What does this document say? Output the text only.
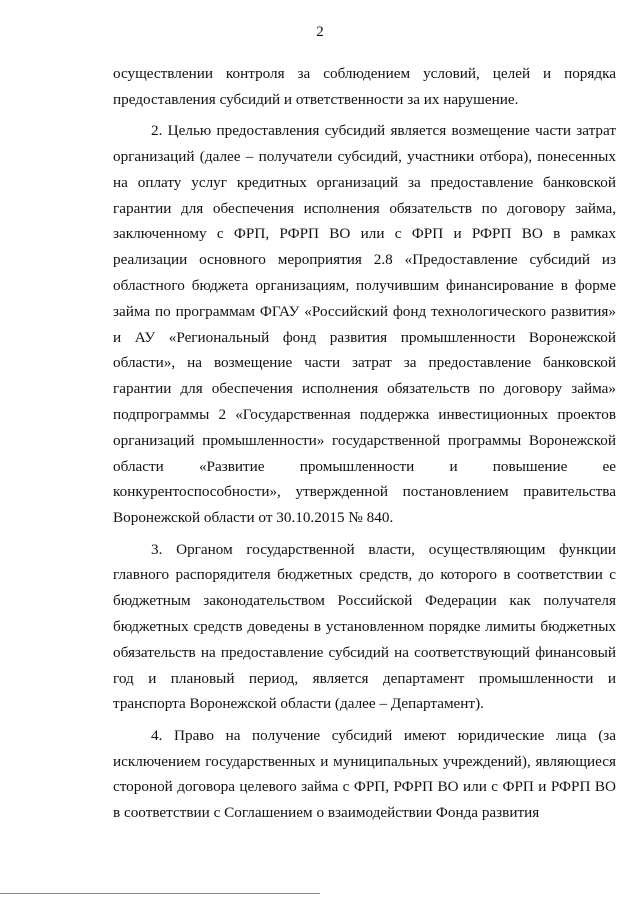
2

осуществлении контроля за соблюдением условий, целей и порядка предоставления субсидий и ответственности за их нарушение.

2. Целью предоставления субсидий является возмещение части затрат организаций (далее – получатели субсидий, участники отбора), понесенных на оплату услуг кредитных организаций за предоставление банковской гарантии для обеспечения исполнения обязательств по договору займа, заключенному с ФРП, РФРП ВО или с ФРП и РФРП ВО в рамках реализации основного мероприятия 2.8 «Предоставление субсидий из областного бюджета организациям, получившим финансирование в форме займа по программам ФГАУ «Российский фонд технологического развития» и АУ «Региональный фонд развития промышленности Воронежской области», на возмещение части затрат за предоставление банковской гарантии для обеспечения исполнения обязательств по договору займа» подпрограммы 2 «Государственная поддержка инвестиционных проектов организаций промышленности» государственной программы Воронежской области «Развитие промышленности и повышение ее конкурентоспособности», утвержденной постановлением правительства Воронежской области от 30.10.2015 № 840.

3. Органом государственной власти, осуществляющим функции главного распорядителя бюджетных средств, до которого в соответствии с бюджетным законодательством Российской Федерации как получателя бюджетных средств доведены в установленном порядке лимиты бюджетных обязательств на предоставление субсидий на соответствующий финансовый год и плановый период, является департамент промышленности и транспорта Воронежской области (далее – Департамент).

4. Право на получение субсидий имеют юридические лица (за исключением государственных и муниципальных учреждений), являющиеся стороной договора целевого займа с ФРП, РФРП ВО или с ФРП и РФРП ВО в соответствии с Соглашением о взаимодействии Фонда развития
